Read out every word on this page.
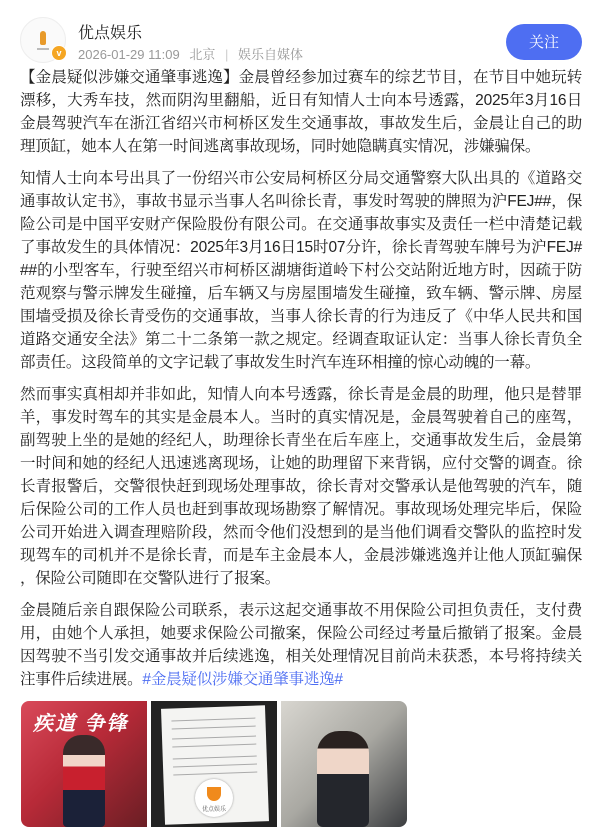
v
优点娱乐
2026-01-29 11:09 北京 | 娱乐自媒体
关注

【金晨疑似涉嫌交通肇事逃逸】金晨曾经参加过赛车的综艺节目，在节目中她玩转漂移，大秀车技，然而阴沟里翻船，近日有知情人士向本号透露，2025年3月16日金晨驾驶汽车在浙江省绍兴市柯桥区发生交通事故，事故发生后，金晨让自己的助理顶缸，她本人在第一时间逃离事故现场，同时她隐瞒真实情况，涉嫌骗保。

知情人士向本号出具了一份绍兴市公安局柯桥区分局交通警察大队出具的《道路交通事故认定书》，事故书显示当事人名叫徐长青，事发时驾驶的牌照为沪FEJ##，保险公司是中国平安财产保险股份有限公司。在交通事故事实及责任一栏中清楚记载了事故发生的具体情况：2025年3月16日15时07分许，徐长青驾驶车牌号为沪FEJ###的小型客车，行驶至绍兴市柯桥区湖塘街道岭下村公交站附近地方时，因疏于防范观察与警示牌发生碰撞，后车辆又与房屋围墙发生碰撞，致车辆、警示牌、房屋围墙受损及徐长青受伤的交通事故，当事人徐长青的行为违反了《中华人民共和国道路交通安全法》第二十二条第一款之规定。经调查取证认定：当事人徐长青负全部责任。这段简单的文字记载了事故发生时汽车连环相撞的惊心动魄的一幕。

然而事实真相却并非如此，知情人向本号透露，徐长青是金晨的助理，他只是替罪羊，事发时驾车的其实是金晨本人。当时的真实情况是，金晨驾驶着自己的座驾，副驾驶上坐的是她的经纪人，助理徐长青坐在后车座上，交通事故发生后，金晨第一时间和她的经纪人迅速逃离现场，让她的助理留下来背锅，应付交警的调查。徐长青报警后，交警很快赶到现场处理事故，徐长青对交警承认是他驾驶的汽车，随后保险公司的工作人员也赶到事故现场勘察了解情况。事故现场处理完毕后，保险公司开始进入调查理赔阶段，然而令他们没想到的是当他们调看交警队的监控时发现驾车的司机并不是徐长青，而是车主金晨本人，金晨涉嫌逃逸并让他人顶缸骗保，保险公司随即在交警队进行了报案。

金晨随后亲自跟保险公司联系，表示这起交通事故不用保险公司担负责任，支付费用，由她个人承担，她要求保险公司撤案，保险公司经过考量后撤销了报案。金晨因驾驶不当引发交通事故并后续逃逸，相关处理情况目前尚未获悉，本号将持续关注事件后续进展。#金晨疑似涉嫌交通肇事逃逸#

疾道 争锋
优点娱乐
